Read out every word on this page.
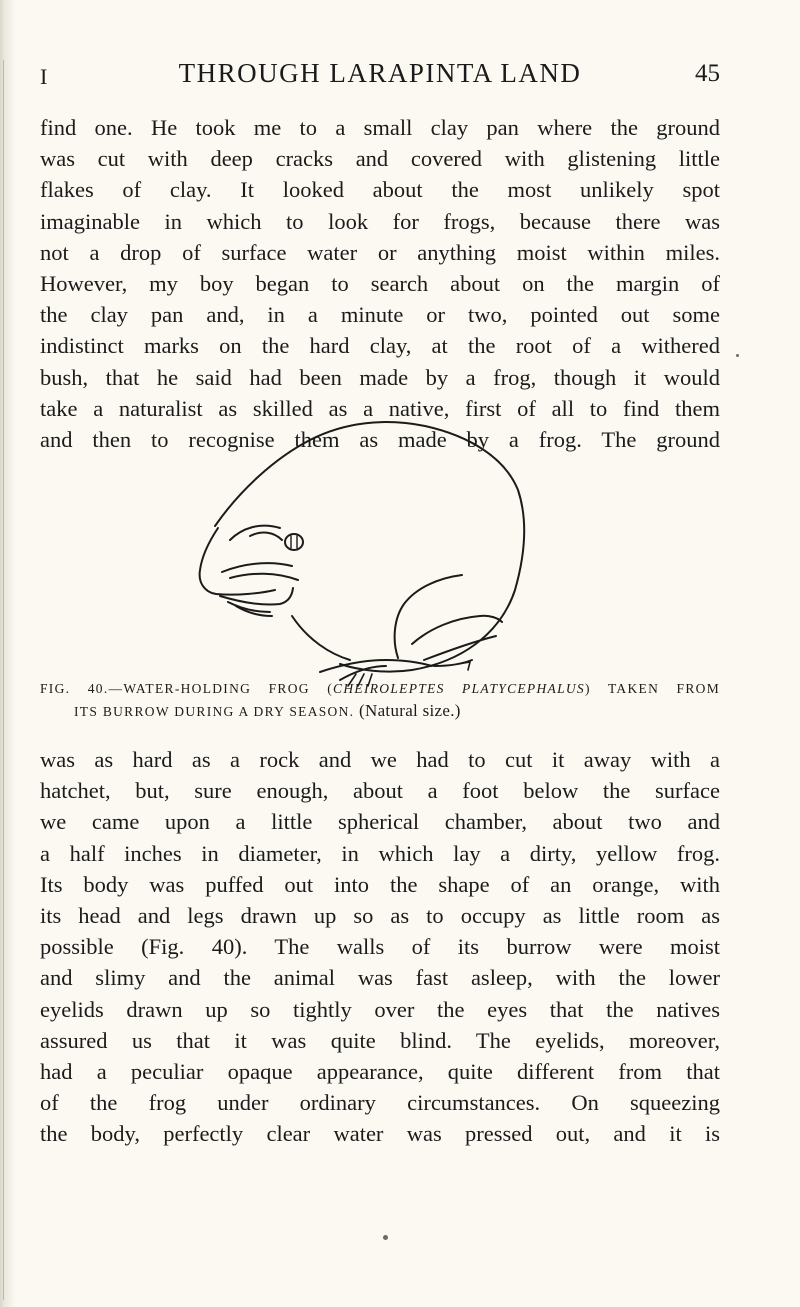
I	THROUGH LARAPINTA LAND	45
find one. He took me to a small clay pan where the ground
was cut with deep cracks and covered with glistening little
flakes of clay. It looked about the most unlikely spot
imaginable in which to look for frogs, because there was
not a drop of surface water or anything moist within miles.
However, my boy began to search about on the margin of
the clay pan and, in a minute or two, pointed out some
indistinct marks on the hard clay, at the root of a withered
bush, that he said had been made by a frog, though it would
take a naturalist as skilled as a native, first of all to find them
and then to recognise them as made by a frog. The ground
FIG. 40.—WATER-HOLDING FROG (CHEIROLEPTES PLATYCEPHALUS) TAKEN FROM
ITS BURROW DURING A DRY SEASON. (Natural size.)
was as hard as a rock and we had to cut it away with a
hatchet, but, sure enough, about a foot below the surface
we came upon a little spherical chamber, about two and
a half inches in diameter, in which lay a dirty, yellow frog.
Its body was puffed out into the shape of an orange, with
its head and legs drawn up so as to occupy as little room as
possible (Fig. 40). The walls of its burrow were moist
and slimy and the animal was fast asleep, with the lower
eyelids drawn up so tightly over the eyes that the natives
assured us that it was quite blind. The eyelids, moreover,
had a peculiar opaque appearance, quite different from that
of the frog under ordinary circumstances. On squeezing
the body, perfectly clear water was pressed out, and it is
